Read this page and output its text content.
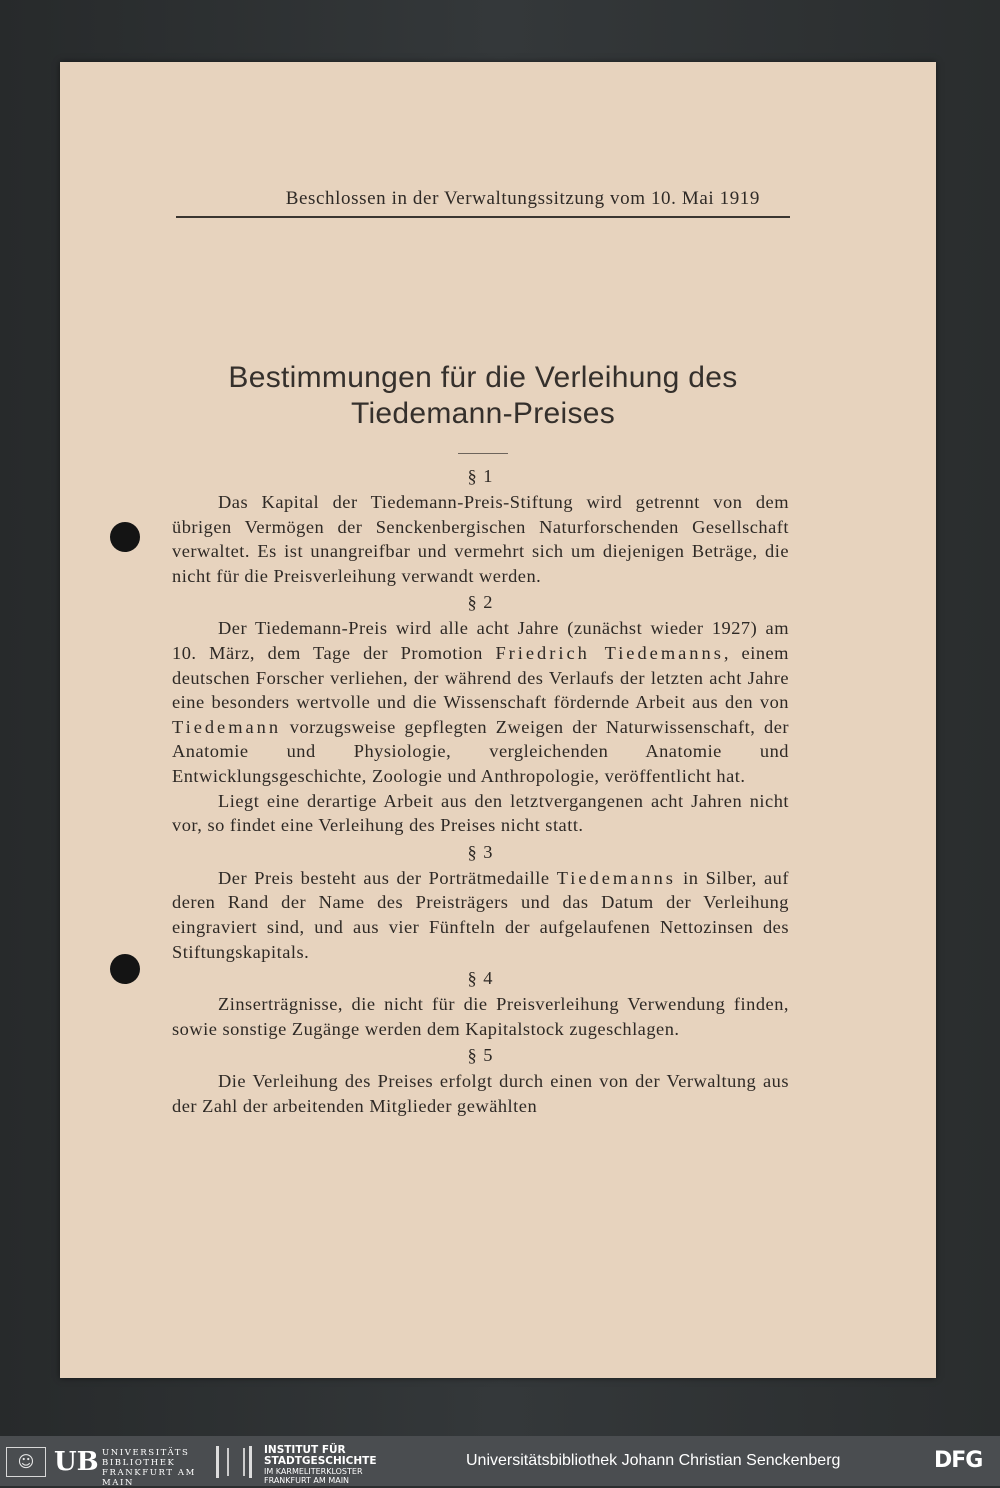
Beschlossen in der Verwaltungssitzung vom 10. Mai 1919
Bestimmungen für die Verleihung des
Tiedemann-Preises

§ 1

Das Kapital der Tiedemann-Preis-Stiftung wird getrennt von dem übrigen Vermögen der Senckenbergischen Naturforschenden Gesellschaft verwaltet. Es ist unangreifbar und vermehrt sich um diejenigen Beträge, die nicht für die Preisverleihung verwandt werden.

§ 2

Der Tiedemann-Preis wird alle acht Jahre (zunächst wieder 1927) am 10. März, dem Tage der Promotion Friedrich Tiedemanns, einem deutschen Forscher verliehen, der während des Verlaufs der letzten acht Jahre eine besonders wertvolle und die Wissenschaft fördernde Arbeit aus den von Tiedemann vorzugsweise gepflegten Zweigen der Naturwissenschaft, der Anatomie und Physiologie, vergleichenden Anatomie und Entwicklungsgeschichte, Zoologie und Anthropologie, veröffentlicht hat.

Liegt eine derartige Arbeit aus den letztvergangenen acht Jahren nicht vor, so findet eine Verleihung des Preises nicht statt.

§ 3

Der Preis besteht aus der Porträtmedaille Tiedemanns in Silber, auf deren Rand der Name des Preisträgers und das Datum der Verleihung eingraviert sind, und aus vier Fünfteln der aufgelaufenen Nettozinsen des Stiftungskapitals.

§ 4

Zinserträgnisse, die nicht für die Preisverleihung Verwendung finden, sowie sonstige Zugänge werden dem Kapitalstock zugeschlagen.

§ 5

Die Verleihung des Preises erfolgt durch einen von der Verwaltung aus der Zahl der arbeitenden Mitglieder gewählten

☺ UB UNIVERSITÄTS
BIBLIOTHEK
FRANKFURT AM MAIN
INSTITUT FÜR
STADTGESCHICHTE
IM KARMELITERKLOSTER
FRANKFURT AM MAIN
Universitätsbibliothek Johann Christian Senckenberg	DFG
